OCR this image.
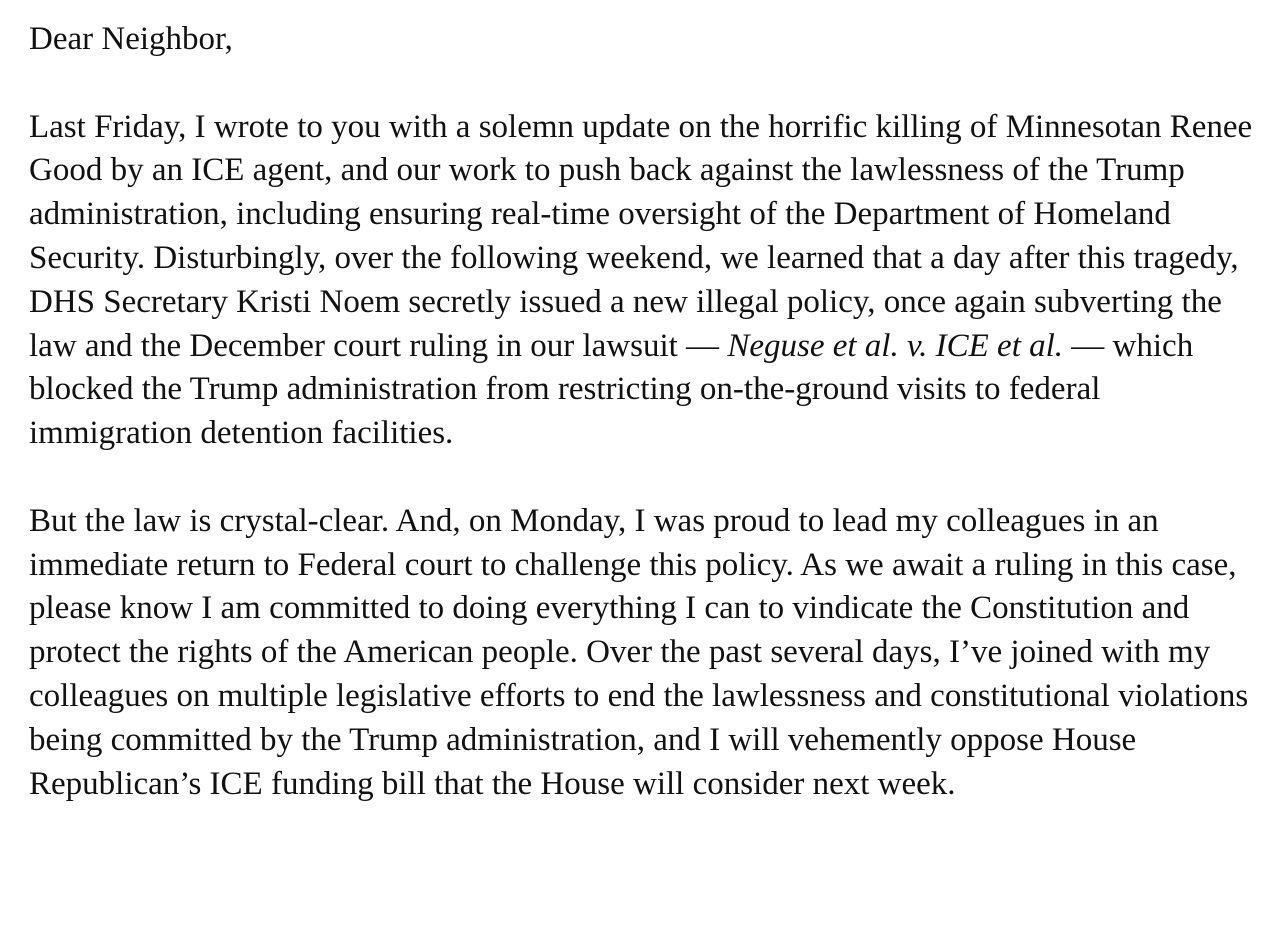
Dear Neighbor,

Last Friday, I wrote to you with a solemn update on the horrific killing of Minnesotan Renee Good by an ICE agent, and our work to push back against the lawlessness of the Trump administration, including ensuring real-time oversight of the Department of Homeland Security. Disturbingly, over the following weekend, we learned that a day after this tragedy, DHS Secretary Kristi Noem secretly issued a new illegal policy, once again subverting the law and the December court ruling in our lawsuit — Neguse et al. v. ICE et al. — which blocked the Trump administration from restricting on-the-ground visits to federal immigration detention facilities.

But the law is crystal-clear. And, on Monday, I was proud to lead my colleagues in an immediate return to Federal court to challenge this policy. As we await a ruling in this case, please know I am committed to doing everything I can to vindicate the Constitution and protect the rights of the American people. Over the past several days, I’ve joined with my colleagues on multiple legislative efforts to end the lawlessness and constitutional violations being committed by the Trump administration, and I will vehemently oppose House Republican’s ICE funding bill that the House will consider next week.
